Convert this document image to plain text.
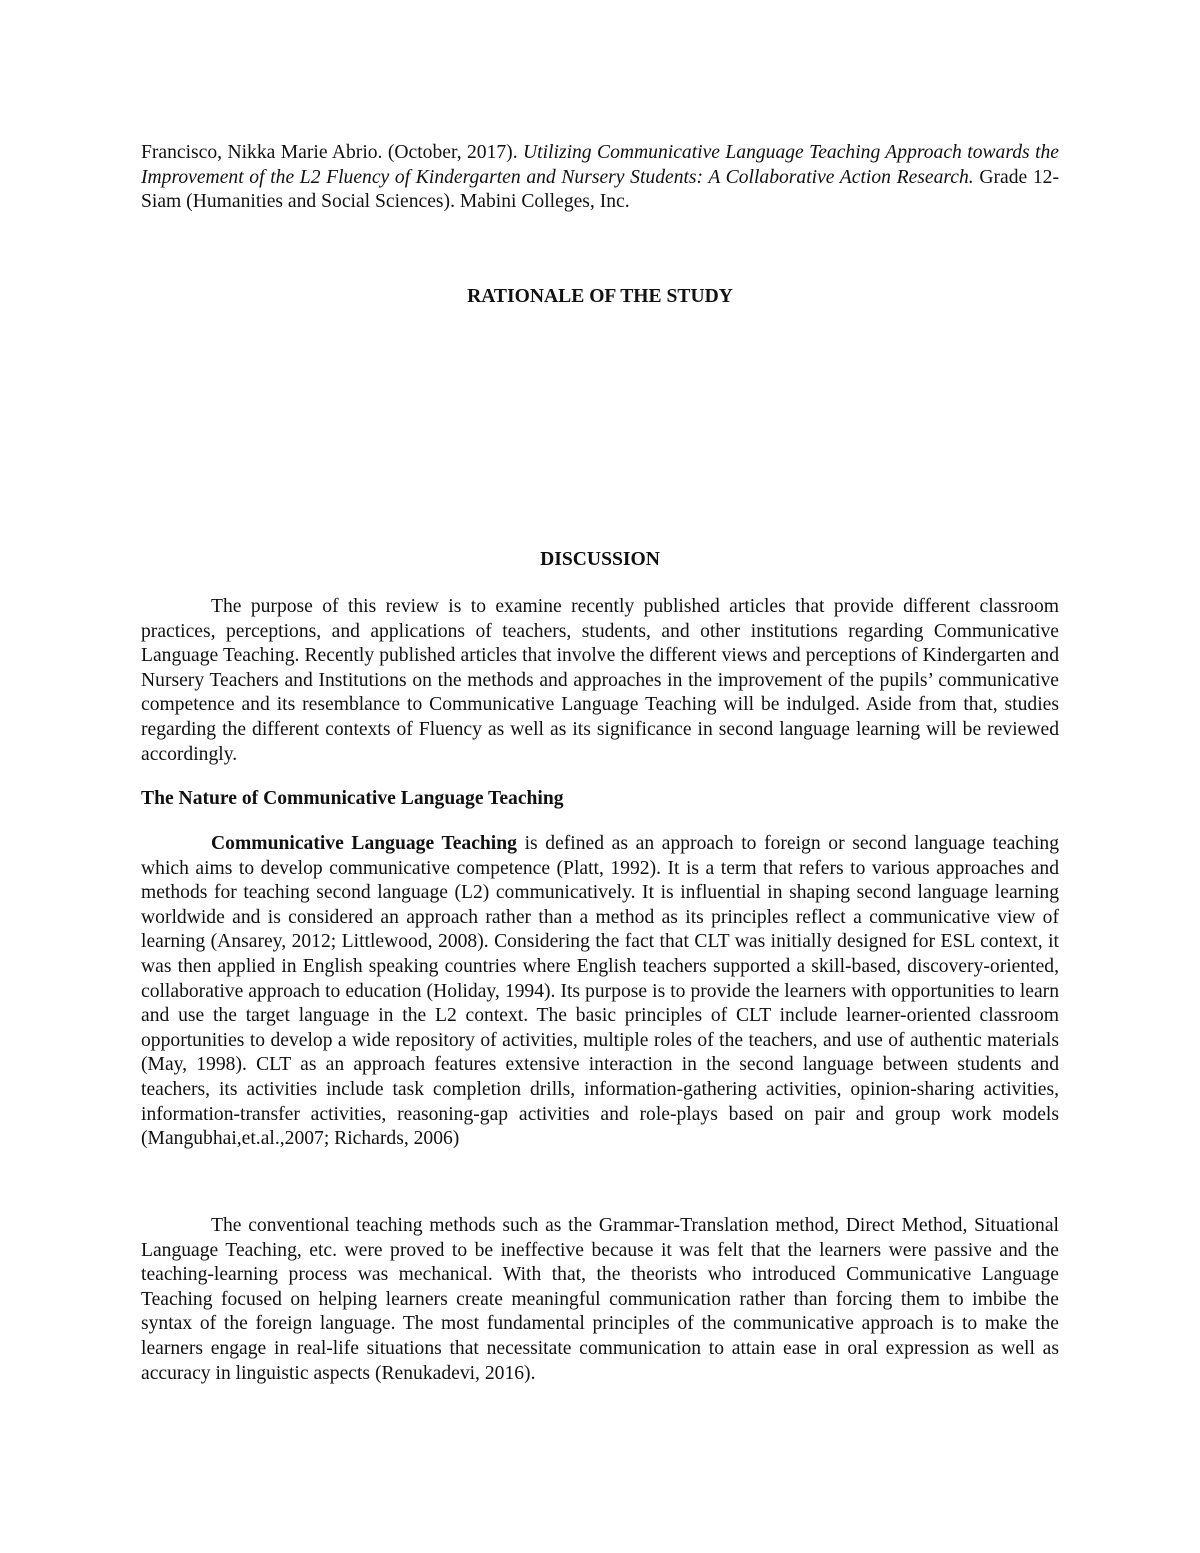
Francisco, Nikka Marie Abrio. (October, 2017). Utilizing Communicative Language Teaching Approach towards the Improvement of the L2 Fluency of Kindergarten and Nursery Students: A Collaborative Action Research. Grade 12-Siam (Humanities and Social Sciences). Mabini Colleges, Inc.

RATIONALE OF THE STUDY
DISCUSSION

The purpose of this review is to examine recently published articles that provide different classroom practices, perceptions, and applications of teachers, students, and other institutions regarding Communicative Language Teaching. Recently published articles that involve the different views and perceptions of Kindergarten and Nursery Teachers and Institutions on the methods and approaches in the improvement of the pupils’ communicative competence and its resemblance to Communicative Language Teaching will be indulged. Aside from that, studies regarding the different contexts of Fluency as well as its significance in second language learning will be reviewed accordingly.

The Nature of Communicative Language Teaching

Communicative Language Teaching is defined as an approach to foreign or second language teaching which aims to develop communicative competence (Platt, 1992). It is a term that refers to various approaches and methods for teaching second language (L2) communicatively. It is influential in shaping second language learning worldwide and is considered an approach rather than a method as its principles reflect a communicative view of learning (Ansarey, 2012; Littlewood, 2008). Considering the fact that CLT was initially designed for ESL context, it was then applied in English speaking countries where English teachers supported a skill-based, discovery-oriented, collaborative approach to education (Holiday, 1994). Its purpose is to provide the learners with opportunities to learn and use the target language in the L2 context. The basic principles of CLT include learner-oriented classroom opportunities to develop a wide repository of activities, multiple roles of the teachers, and use of authentic materials (May, 1998). CLT as an approach features extensive interaction in the second language between students and teachers, its activities include task completion drills, information-gathering activities, opinion-sharing activities, information-transfer activities, reasoning-gap activities and role-plays based on pair and group work models (Mangubhai,et.al.,2007; Richards, 2006)

The conventional teaching methods such as the Grammar-Translation method, Direct Method, Situational Language Teaching, etc. were proved to be ineffective because it was felt that the learners were passive and the teaching-learning process was mechanical. With that, the theorists who introduced Communicative Language Teaching focused on helping learners create meaningful communication rather than forcing them to imbibe the syntax of the foreign language. The most fundamental principles of the communicative approach is to make the learners engage in real-life situations that necessitate communication to attain ease in oral expression as well as accuracy in linguistic aspects (Renukadevi, 2016).
